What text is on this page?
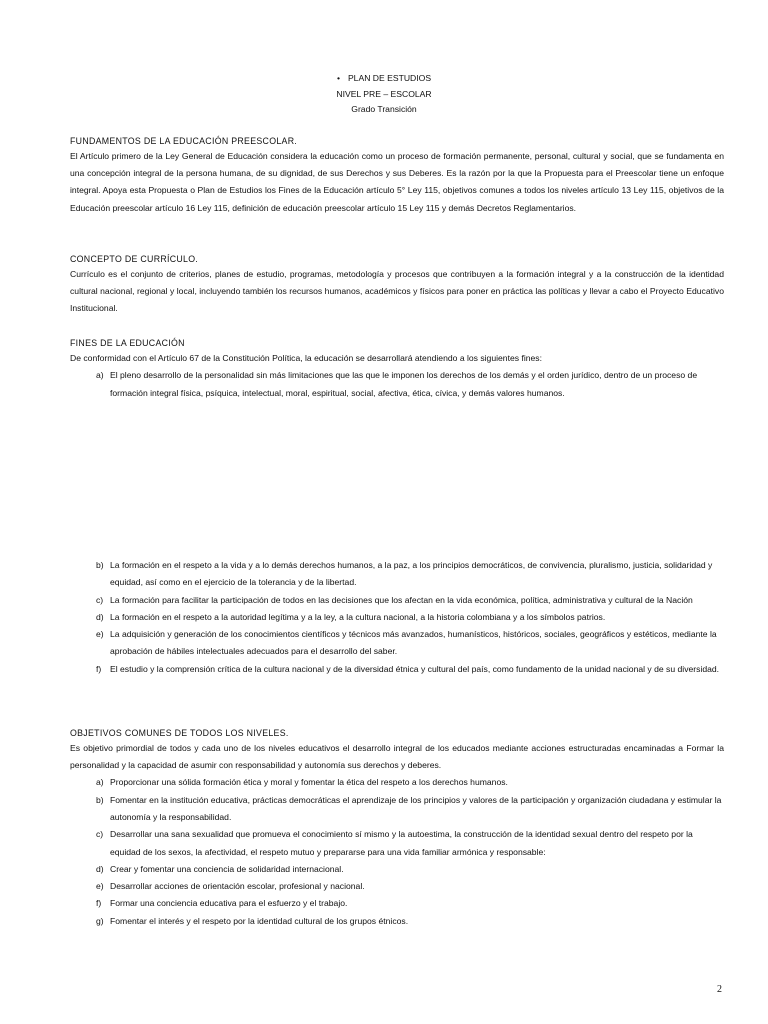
• PLAN DE ESTUDIOS
NIVEL PRE – ESCOLAR
Grado Transición
FUNDAMENTOS DE LA EDUCACIÓN PREESCOLAR.
El Artículo primero de la Ley General de Educación considera la educación como un proceso de formación permanente, personal, cultural y social, que se fundamenta en una concepción integral de la persona humana, de su dignidad, de sus Derechos y sus Deberes. Es la razón por la que la Propuesta para el Preescolar tiene un enfoque integral. Apoya esta Propuesta o Plan de Estudios los Fines de la Educación artículo 5° Ley 115, objetivos comunes a todos los niveles artículo 13 Ley 115, objetivos de la Educación preescolar artículo 16 Ley 115, definición de educación preescolar artículo 15 Ley 115 y demás Decretos Reglamentarios.
CONCEPTO DE CURRÍCULO.
Currículo es el conjunto de criterios, planes de estudio, programas, metodología y procesos que contribuyen a la formación integral y a la construcción de la identidad cultural nacional, regional y local, incluyendo también los recursos humanos, académicos y físicos para poner en práctica las políticas y llevar a cabo el Proyecto Educativo Institucional.
FINES DE LA EDUCACIÓN
De conformidad con el Artículo 67 de la Constitución Política, la educación se desarrollará atendiendo a los siguientes fines:
a) El pleno desarrollo de la personalidad sin más limitaciones que las que le imponen los derechos de los demás y el orden jurídico, dentro de un proceso de formación integral física, psíquica, intelectual, moral, espiritual, social, afectiva, ética, cívica, y demás valores humanos.
b) La formación en el respeto a la vida y a lo demás derechos humanos, a la paz, a los principios democráticos, de convivencia, pluralismo, justicia, solidaridad y equidad, así como en el ejercicio de la tolerancia y de la libertad.
c) La formación para facilitar la participación de todos en las decisiones que los afectan en la vida económica, política, administrativa y cultural de la Nación
d) La formación en el respeto a la autoridad legítima y a la ley, a la cultura nacional, a la historia colombiana y a los símbolos patrios.
e) La adquisición y generación de los conocimientos científicos y técnicos más avanzados, humanísticos, históricos, sociales, geográficos y estéticos, mediante la aprobación de hábiles intelectuales adecuados para el desarrollo del saber.
f) El estudio y la comprensión crítica de la cultura nacional y de la diversidad étnica y cultural del país, como fundamento de la unidad nacional y de su diversidad.
OBJETIVOS COMUNES DE TODOS LOS NIVELES.
Es objetivo primordial de todos y cada uno de los niveles educativos el desarrollo integral de los educados mediante acciones estructuradas encaminadas a Formar la personalidad y la capacidad de asumir con responsabilidad y autonomía sus derechos y deberes.
a) Proporcionar una sólida formación ética y moral y fomentar la ética del respeto a los derechos humanos.
b) Fomentar en la institución educativa, prácticas democráticas el aprendizaje de los principios y valores de la participación y organización ciudadana y estimular la autonomía y la responsabilidad.
c) Desarrollar una sana sexualidad que promueva el conocimiento sí mismo y la autoestima, la construcción de la identidad sexual dentro del respeto por la equidad de los sexos, la afectividad, el respeto mutuo y prepararse para una vida familiar armónica y responsable:
d) Crear y fomentar una conciencia de solidaridad internacional.
e) Desarrollar acciones de orientación escolar, profesional y nacional.
f) Formar una conciencia educativa para el esfuerzo y el trabajo.
g) Fomentar el interés y el respeto por la identidad cultural de los grupos étnicos.
2
